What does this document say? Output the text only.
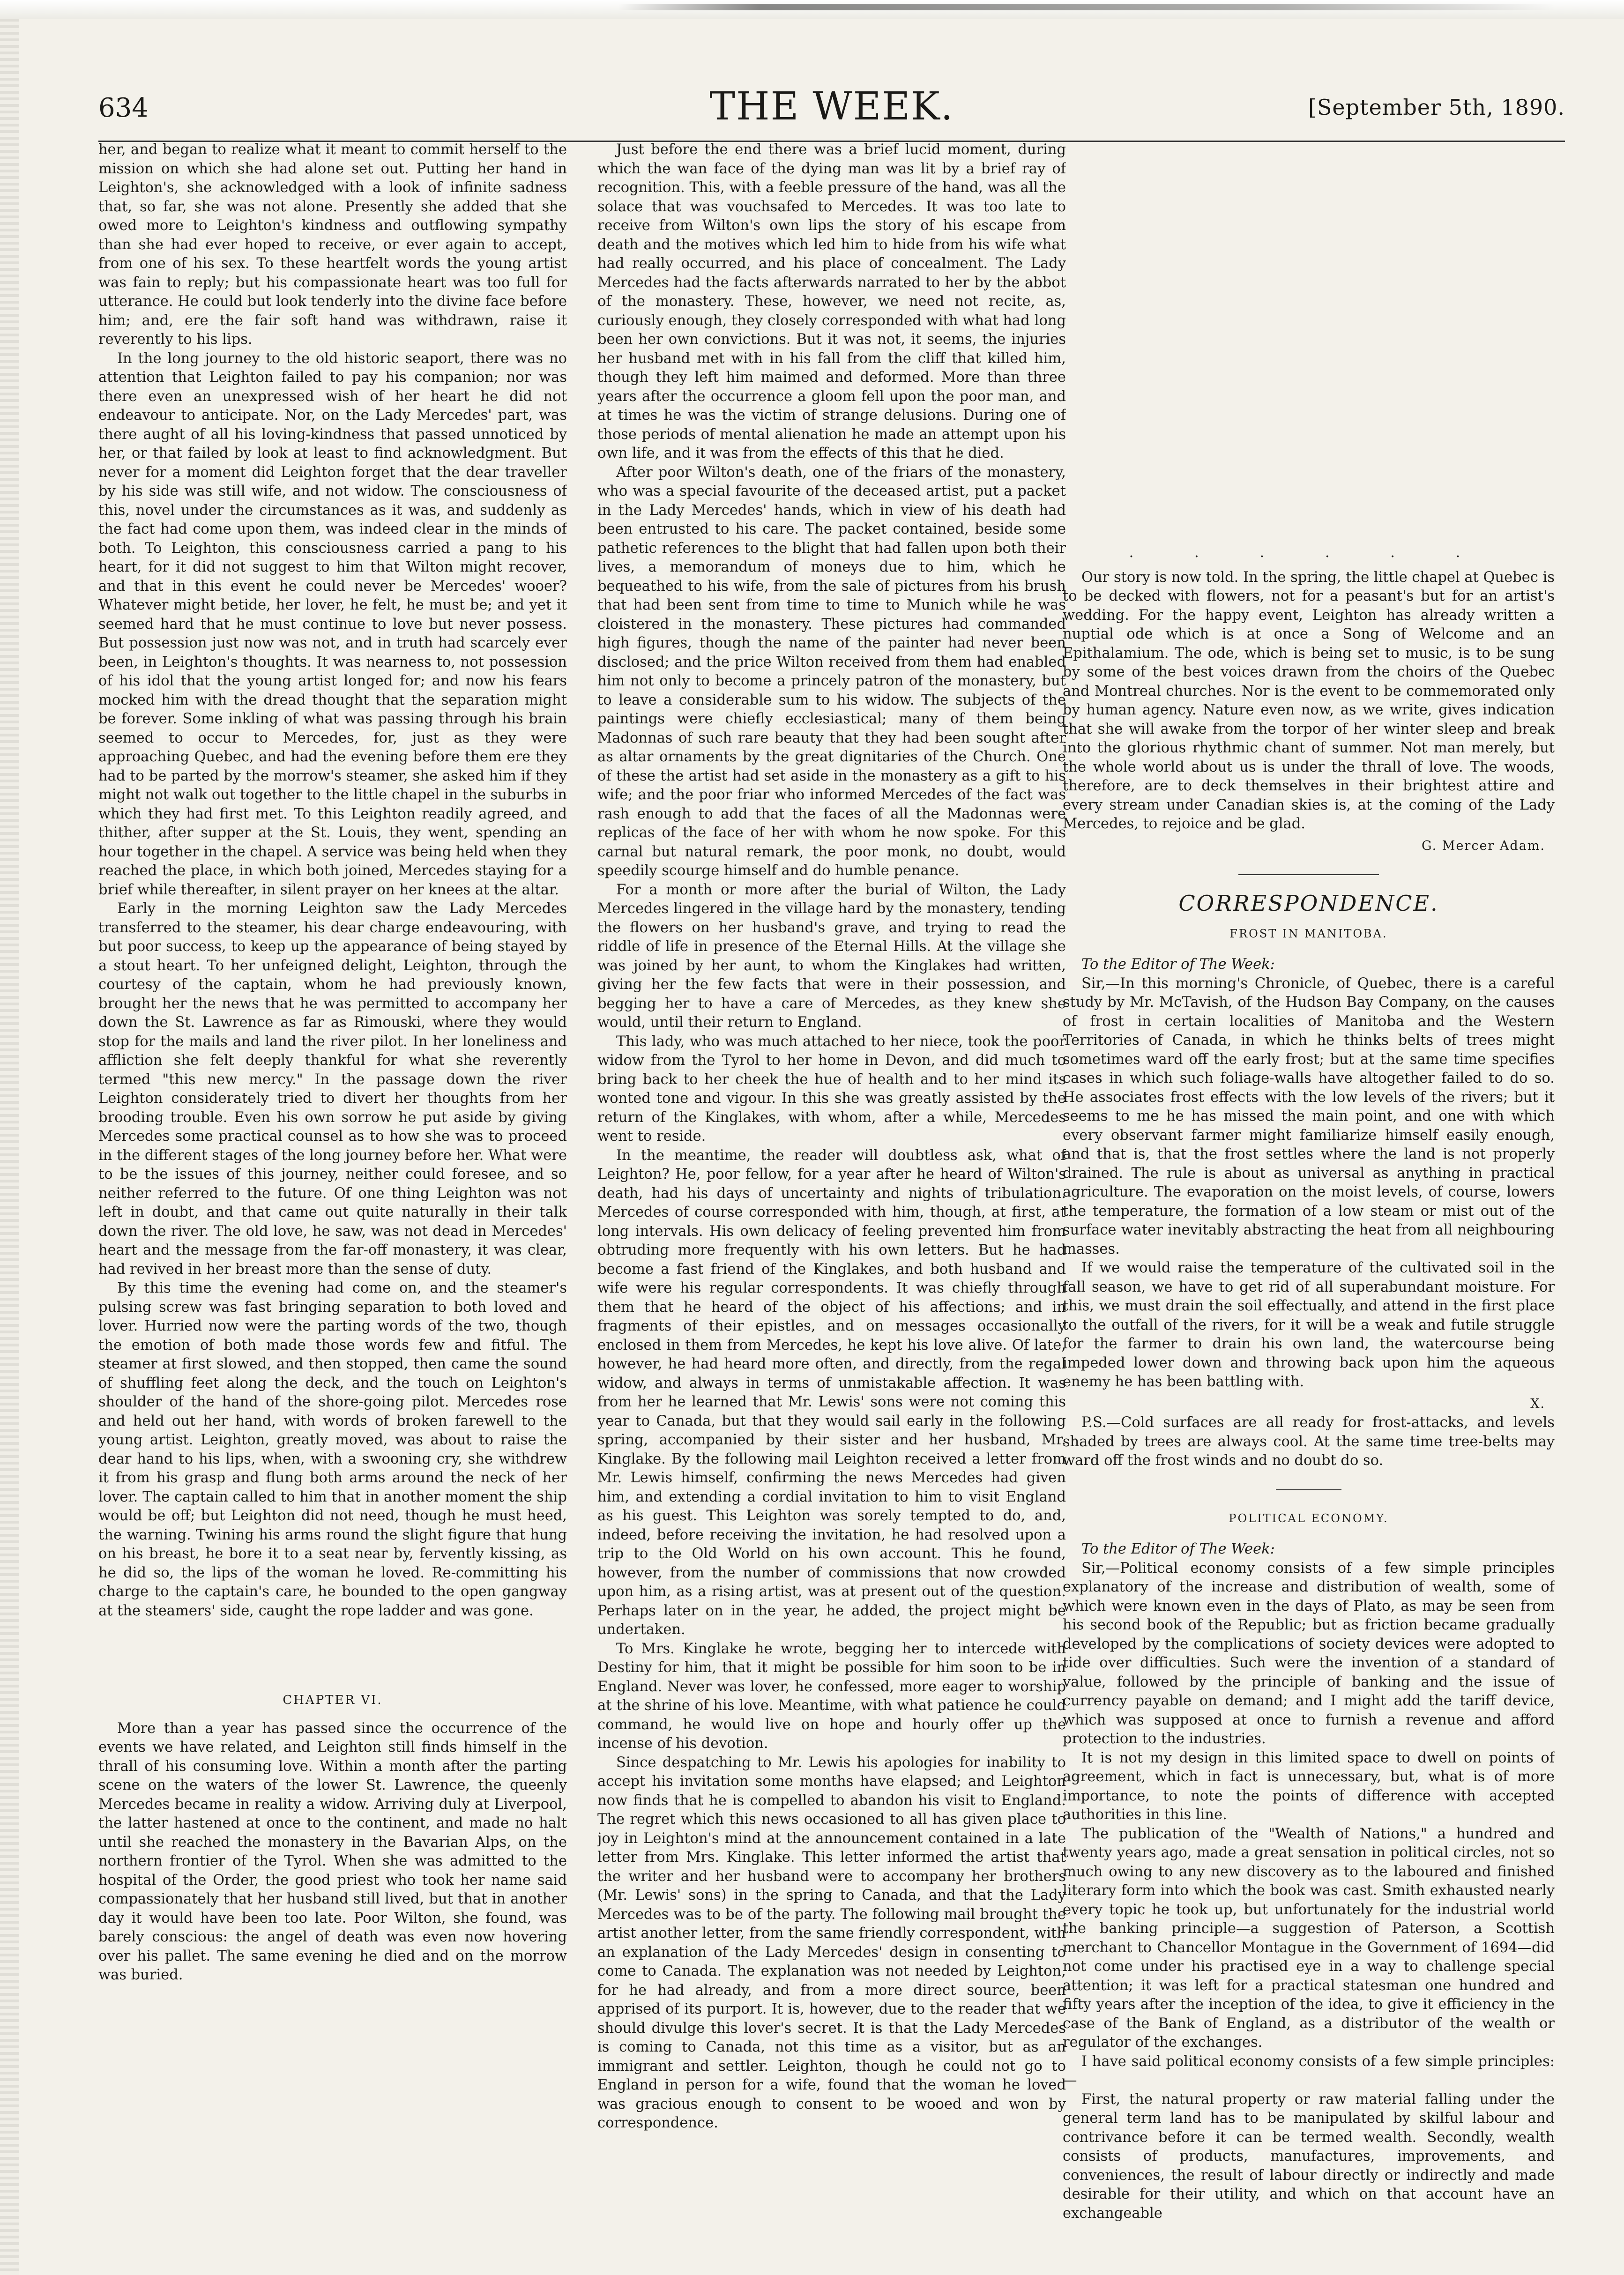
634	THE WEEK.	[September 5th, 1890.

her, and began to realize what it meant to commit herself to the mission on which she had alone set out. Putting her hand in Leighton's, she acknowledged with a look of infinite sadness that, so far, she was not alone. Presently she added that she owed more to Leighton's kindness and outflowing sympathy than she had ever hoped to receive, or ever again to accept, from one of his sex. To these heartfelt words the young artist was fain to reply; but his compassionate heart was too full for utterance. He could but look tenderly into the divine face before him; and, ere the fair soft hand was withdrawn, raise it reverently to his lips.

In the long journey to the old historic seaport, there was no attention that Leighton failed to pay his companion; nor was there even an unexpressed wish of her heart he did not endeavour to anticipate. Nor, on the Lady Mercedes' part, was there aught of all his loving-kindness that passed unnoticed by her, or that failed by look at least to find acknowledgment. But never for a moment did Leighton forget that the dear traveller by his side was still wife, and not widow. The consciousness of this, novel under the circumstances as it was, and suddenly as the fact had come upon them, was indeed clear in the minds of both. To Leighton, this consciousness carried a pang to his heart, for it did not suggest to him that Wilton might recover, and that in this event he could never be Mercedes' wooer? Whatever might betide, her lover, he felt, he must be; and yet it seemed hard that he must continue to love but never possess. But possession just now was not, and in truth had scarcely ever been, in Leighton's thoughts. It was nearness to, not possession of his idol that the young artist longed for; and now his fears mocked him with the dread thought that the separation might be forever. Some inkling of what was passing through his brain seemed to occur to Mercedes, for, just as they were approaching Quebec, and had the evening before them ere they had to be parted by the morrow's steamer, she asked him if they might not walk out together to the little chapel in the suburbs in which they had first met. To this Leighton readily agreed, and thither, after supper at the St. Louis, they went, spending an hour together in the chapel. A service was being held when they reached the place, in which both joined, Mercedes staying for a brief while thereafter, in silent prayer on her knees at the altar.

Early in the morning Leighton saw the Lady Mercedes transferred to the steamer, his dear charge endeavouring, with but poor success, to keep up the appearance of being stayed by a stout heart. To her unfeigned delight, Leighton, through the courtesy of the captain, whom he had previously known, brought her the news that he was permitted to accompany her down the St. Lawrence as far as Rimouski, where they would stop for the mails and land the river pilot. In her loneliness and affliction she felt deeply thankful for what she reverently termed "this new mercy." In the passage down the river Leighton considerately tried to divert her thoughts from her brooding trouble. Even his own sorrow he put aside by giving Mercedes some practical counsel as to how she was to proceed in the different stages of the long journey before her. What were to be the issues of this journey, neither could foresee, and so neither referred to the future. Of one thing Leighton was not left in doubt, and that came out quite naturally in their talk down the river. The old love, he saw, was not dead in Mercedes' heart and the message from the far-off monastery, it was clear, had revived in her breast more than the sense of duty.

By this time the evening had come on, and the steamer's pulsing screw was fast bringing separation to both loved and lover. Hurried now were the parting words of the two, though the emotion of both made those words few and fitful. The steamer at first slowed, and then stopped, then came the sound of shuffling feet along the deck, and the touch on Leighton's shoulder of the hand of the shore-going pilot. Mercedes rose and held out her hand, with words of broken farewell to the young artist. Leighton, greatly moved, was about to raise the dear hand to his lips, when, with a swooning cry, she withdrew it from his grasp and flung both arms around the neck of her lover. The captain called to him that in another moment the ship would be off; but Leighton did not need, though he must heed, the warning. Twining his arms round the slight figure that hung on his breast, he bore it to a seat near by, fervently kissing, as he did so, the lips of the woman he loved. Re-committing his charge to the captain's care, he bounded to the open gangway at the steamers' side, caught the rope ladder and was gone.

CHAPTER VI.

More than a year has passed since the occurrence of the events we have related, and Leighton still finds himself in the thrall of his consuming love. Within a month after the parting scene on the waters of the lower St. Lawrence, the queenly Mercedes became in reality a widow. Arriving duly at Liverpool, the latter hastened at once to the continent, and made no halt until she reached the monastery in the Bavarian Alps, on the northern frontier of the Tyrol. When she was admitted to the hospital of the Order, the good priest who took her name said compassionately that her husband still lived, but that in another day it would have been too late. Poor Wilton, she found, was barely conscious: the angel of death was even now hovering over his pallet. The same evening he died and on the morrow was buried.

Just before the end there was a brief lucid moment, during which the wan face of the dying man was lit by a brief ray of recognition. This, with a feeble pressure of the hand, was all the solace that was vouchsafed to Mercedes. It was too late to receive from Wilton's own lips the story of his escape from death and the motives which led him to hide from his wife what had really occurred, and his place of concealment. The Lady Mercedes had the facts afterwards narrated to her by the abbot of the monastery. These, however, we need not recite, as, curiously enough, they closely corresponded with what had long been her own convictions. But it was not, it seems, the injuries her husband met with in his fall from the cliff that killed him, though they left him maimed and deformed. More than three years after the occurrence a gloom fell upon the poor man, and at times he was the victim of strange delusions. During one of those periods of mental alienation he made an attempt upon his own life, and it was from the effects of this that he died.

After poor Wilton's death, one of the friars of the monastery, who was a special favourite of the deceased artist, put a packet in the Lady Mercedes' hands, which in view of his death had been entrusted to his care. The packet contained, beside some pathetic references to the blight that had fallen upon both their lives, a memorandum of moneys due to him, which he bequeathed to his wife, from the sale of pictures from his brush that had been sent from time to time to Munich while he was cloistered in the monastery. These pictures had commanded high figures, though the name of the painter had never been disclosed; and the price Wilton received from them had enabled him not only to become a princely patron of the monastery, but to leave a considerable sum to his widow. The subjects of the paintings were chiefly ecclesiastical; many of them being Madonnas of such rare beauty that they had been sought after as altar ornaments by the great dignitaries of the Church. One of these the artist had set aside in the monastery as a gift to his wife; and the poor friar who informed Mercedes of the fact was rash enough to add that the faces of all the Madonnas were replicas of the face of her with whom he now spoke. For this carnal but natural remark, the poor monk, no doubt, would speedily scourge himself and do humble penance.

For a month or more after the burial of Wilton, the Lady Mercedes lingered in the village hard by the monastery, tending the flowers on her husband's grave, and trying to read the riddle of life in presence of the Eternal Hills. At the village she was joined by her aunt, to whom the Kinglakes had written, giving her the few facts that were in their possession, and begging her to have a care of Mercedes, as they knew she would, until their return to England.

This lady, who was much attached to her niece, took the poor widow from the Tyrol to her home in Devon, and did much to bring back to her cheek the hue of health and to her mind its wonted tone and vigour. In this she was greatly assisted by the return of the Kinglakes, with whom, after a while, Mercedes went to reside.

In the meantime, the reader will doubtless ask, what of Leighton? He, poor fellow, for a year after he heard of Wilton's death, had his days of uncertainty and nights of tribulation. Mercedes of course corresponded with him, though, at first, at long intervals. His own delicacy of feeling prevented him from obtruding more frequently with his own letters. But he had become a fast friend of the Kinglakes, and both husband and wife were his regular correspondents. It was chiefly through them that he heard of the object of his affections; and in fragments of their epistles, and on messages occasionally enclosed in them from Mercedes, he kept his love alive. Of late, however, he had heard more often, and directly, from the regal widow, and always in terms of unmistakable affection. It was from her he learned that Mr. Lewis' sons were not coming this year to Canada, but that they would sail early in the following spring, accompanied by their sister and her husband, Mr. Kinglake. By the following mail Leighton received a letter from Mr. Lewis himself, confirming the news Mercedes had given him, and extending a cordial invitation to him to visit England as his guest. This Leighton was sorely tempted to do, and, indeed, before receiving the invitation, he had resolved upon a trip to the Old World on his own account. This he found, however, from the number of commissions that now crowded upon him, as a rising artist, was at present out of the question. Perhaps later on in the year, he added, the project might be undertaken.

To Mrs. Kinglake he wrote, begging her to intercede with Destiny for him, that it might be possible for him soon to be in England. Never was lover, he confessed, more eager to worship at the shrine of his love. Meantime, with what patience he could command, he would live on hope and hourly offer up the incense of his devotion.

Since despatching to Mr. Lewis his apologies for inability to accept his invitation some months have elapsed; and Leighton now finds that he is compelled to abandon his visit to England. The regret which this news occasioned to all has given place to joy in Leighton's mind at the announcement contained in a late letter from Mrs. Kinglake. This letter informed the artist that the writer and her husband were to accompany her brothers (Mr. Lewis' sons) in the spring to Canada, and that the Lady Mercedes was to be of the party. The following mail brought the artist another letter, from the same friendly correspondent, with an explanation of the Lady Mercedes' design in consenting to come to Canada. The explanation was not needed by Leighton, for he had already, and from a more direct source, been apprised of its purport. It is, however, due to the reader that we should divulge this lover's secret. It is that the Lady Mercedes is coming to Canada, not this time as a visitor, but as an immigrant and settler. Leighton, though he could not go to England in person for a wife, found that the woman he loved was gracious enough to consent to be wooed and won by correspondence.

. . . . . .

Our story is now told. In the spring, the little chapel at Quebec is to be decked with flowers, not for a peasant's but for an artist's wedding. For the happy event, Leighton has already written a nuptial ode which is at once a Song of Welcome and an Epithalamium. The ode, which is being set to music, is to be sung by some of the best voices drawn from the choirs of the Quebec and Montreal churches. Nor is the event to be commemorated only by human agency. Nature even now, as we write, gives indication that she will awake from the torpor of her winter sleep and break into the glorious rhythmic chant of summer. Not man merely, but the whole world about us is under the thrall of love. The woods, therefore, are to deck themselves in their brightest attire and every stream under Canadian skies is, at the coming of the Lady Mercedes, to rejoice and be glad.

G. Mercer Adam.
CORRESPONDENCE.
FROST IN MANITOBA.

To the Editor of The Week:

Sir,—In this morning's Chronicle, of Quebec, there is a careful study by Mr. McTavish, of the Hudson Bay Company, on the causes of frost in certain localities of Manitoba and the Western Territories of Canada, in which he thinks belts of trees might sometimes ward off the early frost; but at the same time specifies cases in which such foliage-walls have altogether failed to do so. He associates frost effects with the low levels of the rivers; but it seems to me he has missed the main point, and one with which every observant farmer might familiarize himself easily enough, and that is, that the frost settles where the land is not properly drained. The rule is about as universal as anything in practical agriculture. The evaporation on the moist levels, of course, lowers the temperature, the formation of a low steam or mist out of the surface water inevitably abstracting the heat from all neighbouring masses.

If we would raise the temperature of the cultivated soil in the fall season, we have to get rid of all superabundant moisture. For this, we must drain the soil effectually, and attend in the first place to the outfall of the rivers, for it will be a weak and futile struggle for the farmer to drain his own land, the watercourse being impeded lower down and throwing back upon him the aqueous enemy he has been battling with.

X.

P.S.—Cold surfaces are all ready for frost-attacks, and levels shaded by trees are always cool. At the same time tree-belts may ward off the frost winds and no doubt do so.

POLITICAL ECONOMY.

To the Editor of The Week:

Sir,—Political economy consists of a few simple principles explanatory of the increase and distribution of wealth, some of which were known even in the days of Plato, as may be seen from his second book of the Republic; but as friction became gradually developed by the complications of society devices were adopted to tide over difficulties. Such were the invention of a standard of value, followed by the principle of banking and the issue of currency payable on demand; and I might add the tariff device, which was supposed at once to furnish a revenue and afford protection to the industries.

It is not my design in this limited space to dwell on points of agreement, which in fact is unnecessary, but, what is of more importance, to note the points of difference with accepted authorities in this line.

The publication of the "Wealth of Nations," a hundred and twenty years ago, made a great sensation in political circles, not so much owing to any new discovery as to the laboured and finished literary form into which the book was cast. Smith exhausted nearly every topic he took up, but unfortunately for the industrial world the banking principle—a suggestion of Paterson, a Scottish merchant to Chancellor Montague in the Government of 1694—did not come under his practised eye in a way to challenge special attention; it was left for a practical statesman one hundred and fifty years after the inception of the idea, to give it efficiency in the case of the Bank of England, as a distributor of the wealth or regulator of the exchanges.

I have said political economy consists of a few simple principles:—

First, the natural property or raw material falling under the general term land has to be manipulated by skilful labour and contrivance before it can be termed wealth. Secondly, wealth consists of products, manufactures, improvements, and conveniences, the result of labour directly or indirectly and made desirable for their utility, and which on that account have an exchangeable
